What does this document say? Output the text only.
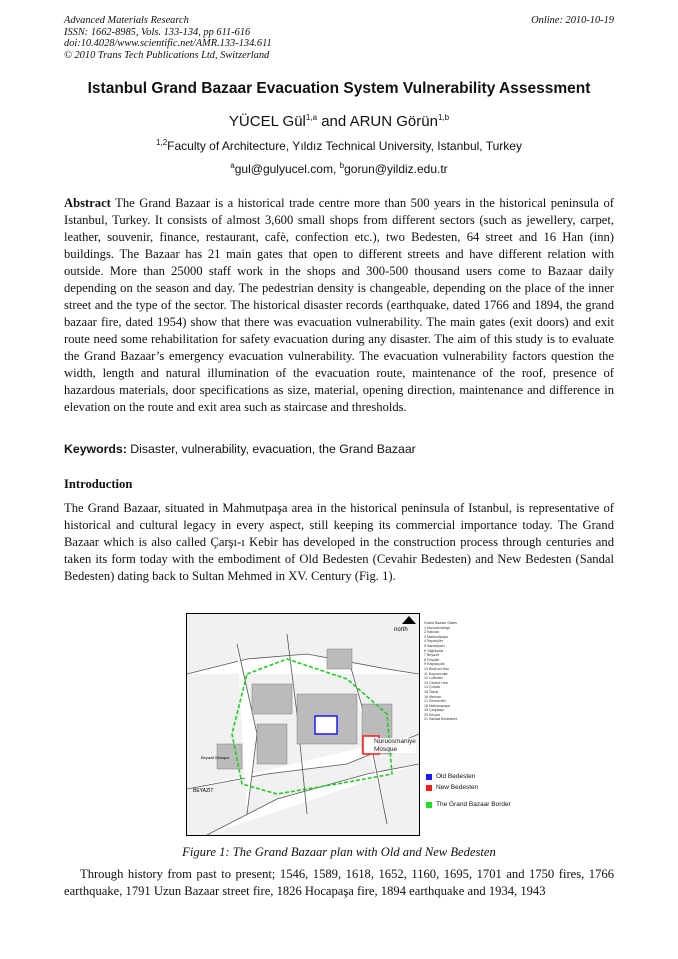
Advanced Materials Research
ISSN: 1662-8985, Vols. 133-134, pp 611-616
doi:10.4028/www.scientific.net/AMR.133-134.611
© 2010 Trans Tech Publications Ltd, Switzerland
Online: 2010-10-19
Istanbul Grand Bazaar Evacuation System Vulnerability Assessment
YÜCEL Gül$^{1,a}$ and ARUN Görün$^{1,b}$
$^{1,2}$Faculty of Architecture, Yıldız Technical University, Istanbul, Turkey
$^a$gul@gulyucel.com, $^b$gorun@yildiz.edu.tr
Abstract The Grand Bazaar is a historical trade centre more than 500 years in the historical peninsula of Istanbul, Turkey. It consists of almost 3,600 small shops from different sectors (such as jewellery, carpet, leather, souvenir, finance, restaurant, cafè, confection etc.), two Bedesten, 64 street and 16 Han (inn) buildings. The Bazaar has 21 main gates that open to different streets and have different relation with outside. More than 25000 staff work in the shops and 300-500 thousand users come to Bazaar daily depending on the season and day. The pedestrian density is changeable, depending on the place of the inner street and the type of the sector. The historical disaster records (earthquake, dated 1766 and 1894, the grand bazaar fire, dated 1954) show that there was evacuation vulnerability. The main gates (exit doors) and exit route need some rehabilitation for safety evacuation during any disaster. The aim of this study is to evaluate the Grand Bazaar’s emergency evacuation vulnerability. The evacuation vulnerability factors question the width, length and natural illumination of the evacuation route, maintenance of the roof, presence of hazardous materials, door specifications as size, material, opening direction, maintenance and difference in elevation on the route and exit area such as staircase and thresholds.
Keywords: Disaster, vulnerability, evacuation, the Grand Bazaar
Introduction
The Grand Bazaar, situated in Mahmutpaşa area in the historical peninsula of Istanbul, is representative of historical and cultural legacy in every aspect, still keeping its commercial importance today. The Grand Bazaar which is also called Çarşı-ı Kebir has developed in the construction process through centuries and taken its form today with the embodiment of Old Bedesten (Cevahir Bedesten) and New Bedesten (Sandal Bedesten) dating back to Sultan Mehmed in XV. Century (Fig. 1).
north
BEYAZIT
Beyazit Mosque
Nuruosmaniye Mosque
Grand Bazaar Gates
1 Nuruosmaniye
2 Kalcılar
3 Mahmutpaşa
4 Sepetçiler
5 Sandalyacı
6 Yağlıkçılar
7 Beyazıt
8 Fesçiler
9 Kalpakçılar
10 Bodrum Han
11 Kuyumcular
12 Lutfullah
13 Cebeci Han
14 Çuhacı
15 Tavuk
16 Mercan
17 Zenneciler
18 Mahmutpaşa
19 Çarşıkapı
20 Kılıçlar
21 Sandal Bedesteni
Old Bedesten
New Bedesten
The Grand Bazaar Border
Figure 1: The Grand Bazaar plan with Old and New Bedesten
Through history from past to present; 1546, 1589, 1618, 1652, 1160, 1695, 1701 and 1750 fires, 1766 earthquake, 1791 Uzun Bazaar street fire, 1826 Hocapaşa fire, 1894 earthquake and 1934, 1943
